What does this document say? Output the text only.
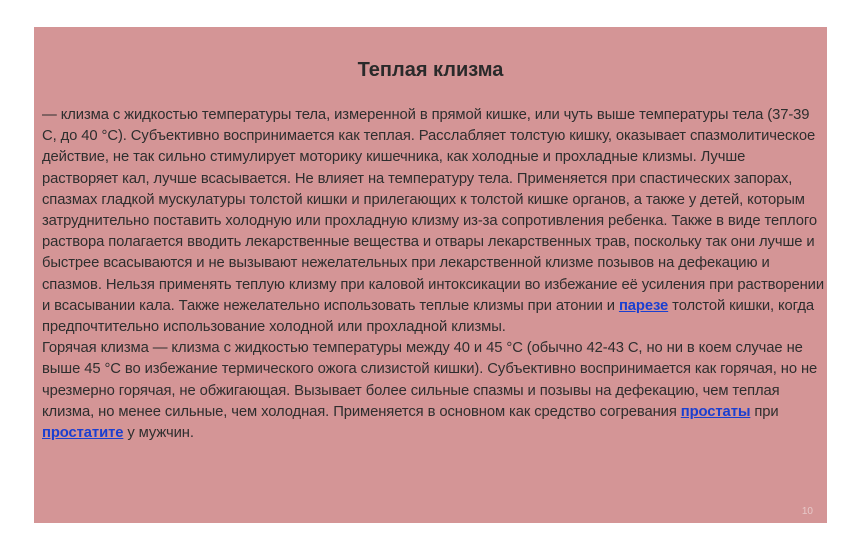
Теплая клизма

— клизма с жидкостью температуры тела, измеренной в прямой кишке, или чуть выше температуры тела (37-39 С, до 40 °С). Субъективно воспринимается как теплая. Расслабляет толстую кишку, оказывает спазмолитическое действие, не так сильно стимулирует моторику кишечника, как холодные и прохладные клизмы. Лучше растворяет кал, лучше всасывается. Не влияет на температуру тела. Применяется при спастических запорах, спазмах гладкой мускулатуры толстой кишки и прилегающих к толстой кишке органов, а также у детей, которым затруднительно поставить холодную или прохладную клизму из-за сопротивления ребенка. Также в виде теплого раствора полагается вводить лекарственные вещества и отвары лекарственных трав, поскольку так они лучше и быстрее всасываются и не вызывают нежелательных при лекарственной клизме позывов на дефекацию и спазмов. Нельзя применять теплую клизму при каловой интоксикации во избежание её усиления при растворении и всасывании кала. Также нежелательно использовать теплые клизмы при атонии и парезе толстой кишки, когда предпочтительно использование холодной или прохладной клизмы.

Горячая клизма — клизма с жидкостью температуры между 40 и 45 °С (обычно 42-43 С, но ни в коем случае не выше 45 °С во избежание термического ожога слизистой кишки). Субъективно воспринимается как горячая, но не чрезмерно горячая, не обжигающая. Вызывает более сильные спазмы и позывы на дефекацию, чем теплая клизма, но менее сильные, чем холодная. Применяется в основном как средство согревания простаты при простатите у мужчин.

10
